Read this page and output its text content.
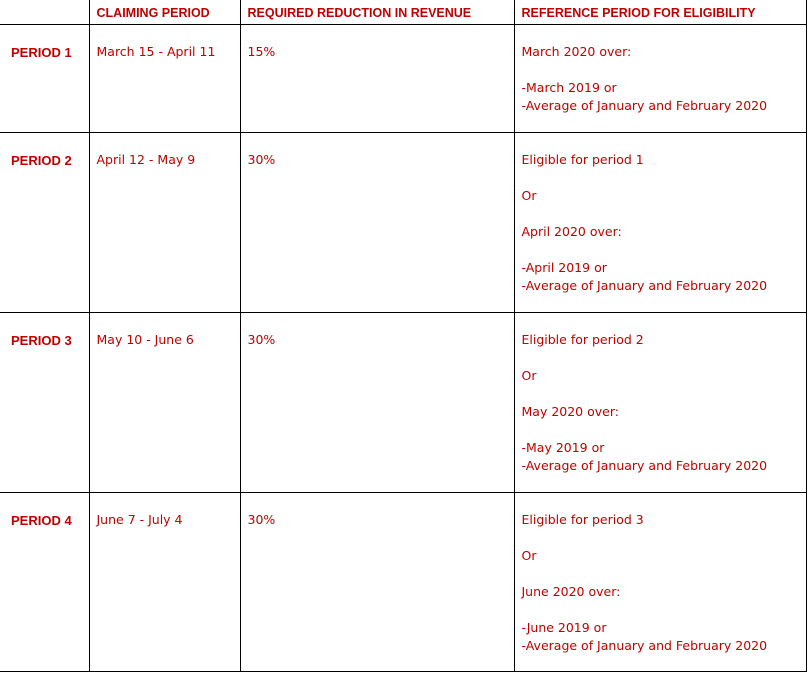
	CLAIMING PERIOD	REQUIRED REDUCTION IN REVENUE	REFERENCE PERIOD FOR ELIGIBILITY
PERIOD 1	March 15 - April 11	15%	March 2020 over:

-March 2019 or

-Average of January and February 2020

PERIOD 2	April 12 - May 9	30%	Eligible for period 1

Or

April 2020 over:

-April 2019 or

-Average of January and February 2020

PERIOD 3	May 10 - June 6	30%	Eligible for period 2

Or

May 2020 over:

-May 2019 or

-Average of January and February 2020

PERIOD 4	June 7 - July 4	30%	Eligible for period 3

Or

June 2020 over:

-June 2019 or

-Average of January and February 2020
